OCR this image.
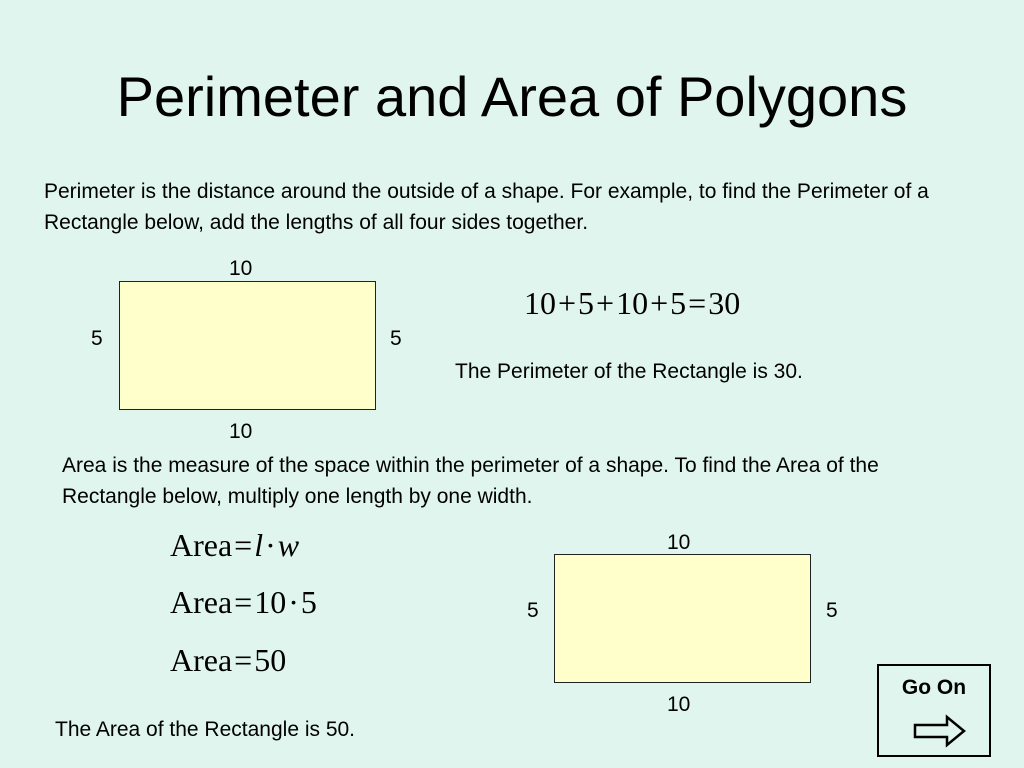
Perimeter and Area of Polygons
Perimeter is the distance around the outside of a shape. For example, to find the Perimeter of a Rectangle below, add the lengths of all four sides together.
10
5	5
10
10+5+10+5=30
The Perimeter of the Rectangle is 30.
Area is the measure of the space within the perimeter of a shape. To find the Area of the Rectangle below, multiply one length by one width.
Area=l·w
Area=10·5
Area=50
10
5	5
10
The Area of the Rectangle is 50.
Go On
